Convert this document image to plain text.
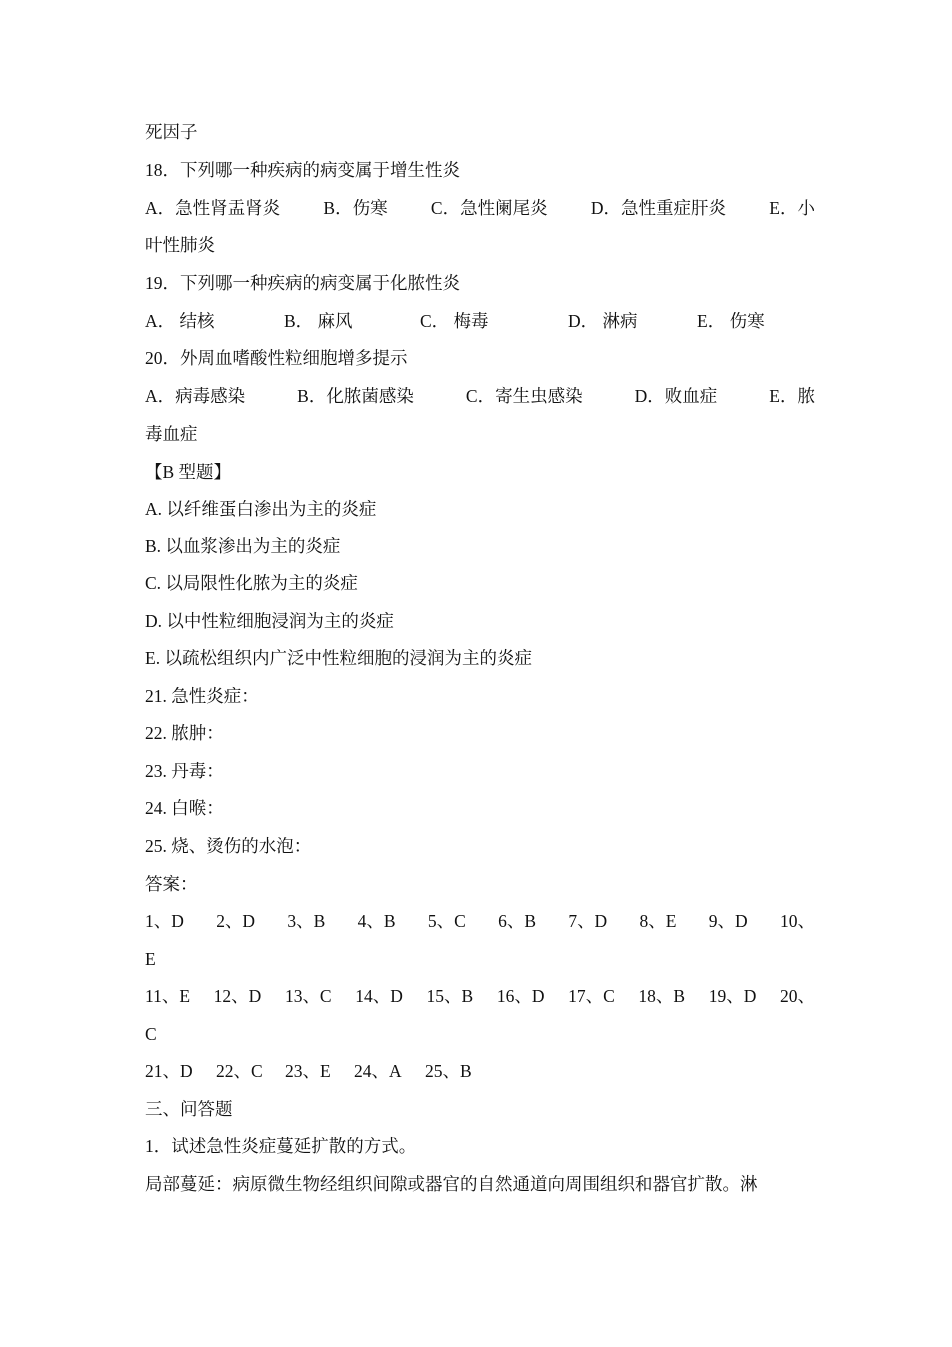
死因子
18．下列哪一种疾病的病变属于增生性炎
A．急性肾盂肾炎 B．伤寒 C．急性阑尾炎 D．急性重症肝炎 E．小
叶性肺炎
19．下列哪一种疾病的病变属于化脓性炎
A． 结核	B． 麻风	C． 梅毒	D． 淋病	E． 伤寒
20．外周血嗜酸性粒细胞增多提示
A．病毒感染	B．化脓菌感染	C．寄生虫感染	D．败血症	E．脓
毒血症
【B 型题】
A. 以纤维蛋白渗出为主的炎症
B. 以血浆渗出为主的炎症
C. 以局限性化脓为主的炎症
D. 以中性粒细胞浸润为主的炎症
E. 以疏松组织内广泛中性粒细胞的浸润为主的炎症
21. 急性炎症：
22. 脓肿：
23. 丹毒：
24. 白喉：
25. 烧、烫伤的水泡：
答案：
1、D 2、D 3、B 4、B 5、C 6、B 7、D 8、E 9、D 10、
E
11、E 12、D 13、C 14、D 15、B 16、D 17、C 18、B 19、D 20、
C
21、D	22、C	23、E	24、A	25、B
三、问答题
1．试述急性炎症蔓延扩散的方式。
局部蔓延：病原微生物经组织间隙或器官的自然通道向周围组织和器官扩散。淋
